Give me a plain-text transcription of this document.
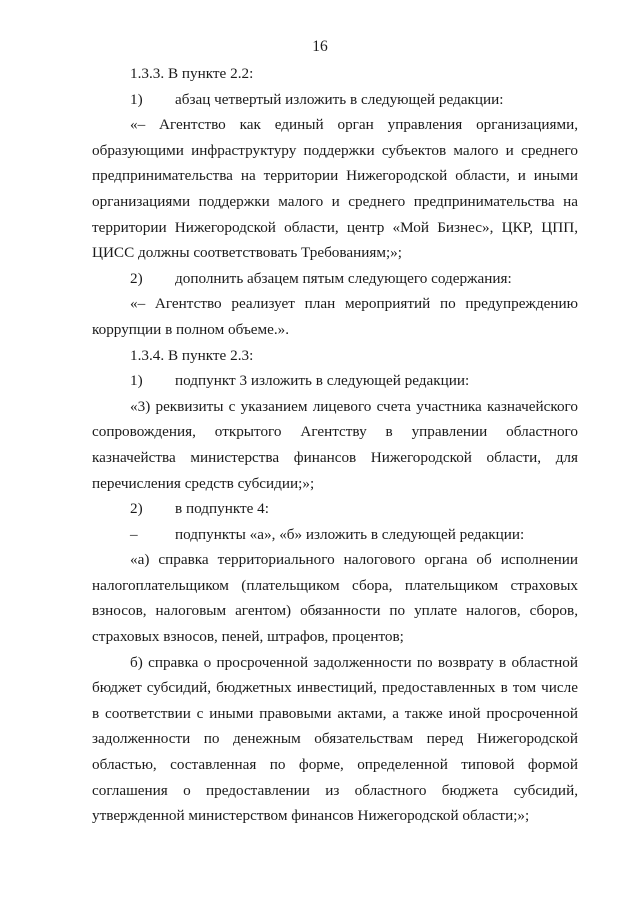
16

1.3.3. В пункте 2.2:

1) абзац четвертый изложить в следующей редакции:

«– Агентство как единый орган управления организациями, образующими инфраструктуру поддержки субъектов малого и среднего предпринимательства на территории Нижегородской области, и иными организациями поддержки малого и среднего предпринимательства на территории Нижегородской области, центр «Мой Бизнес», ЦКР, ЦПП, ЦИСС должны соответствовать Требованиям;»;

2) дополнить абзацем пятым следующего содержания:

«– Агентство реализует план мероприятий по предупреждению коррупции в полном объеме.».

1.3.4. В пункте 2.3:

1) подпункт 3 изложить в следующей редакции:

«3) реквизиты с указанием лицевого счета участника казначейского сопровождения, открытого Агентству в управлении областного казначейства министерства финансов Нижегородской области, для перечисления средств субсидии;»;

2) в подпункте 4:

– подпункты «а», «б» изложить в следующей редакции:

«а) справка территориального налогового органа об исполнении налогоплательщиком (плательщиком сбора, плательщиком страховых взносов, налоговым агентом) обязанности по уплате налогов, сборов, страховых взносов, пеней, штрафов, процентов;

б) справка о просроченной задолженности по возврату в областной бюджет субсидий, бюджетных инвестиций, предоставленных в том числе в соответствии с иными правовыми актами, а также иной просроченной задолженности по денежным обязательствам перед Нижегородской областью, составленная по форме, определенной типовой формой соглашения о предоставлении из областного бюджета субсидий, утвержденной министерством финансов Нижегородской области;»;
